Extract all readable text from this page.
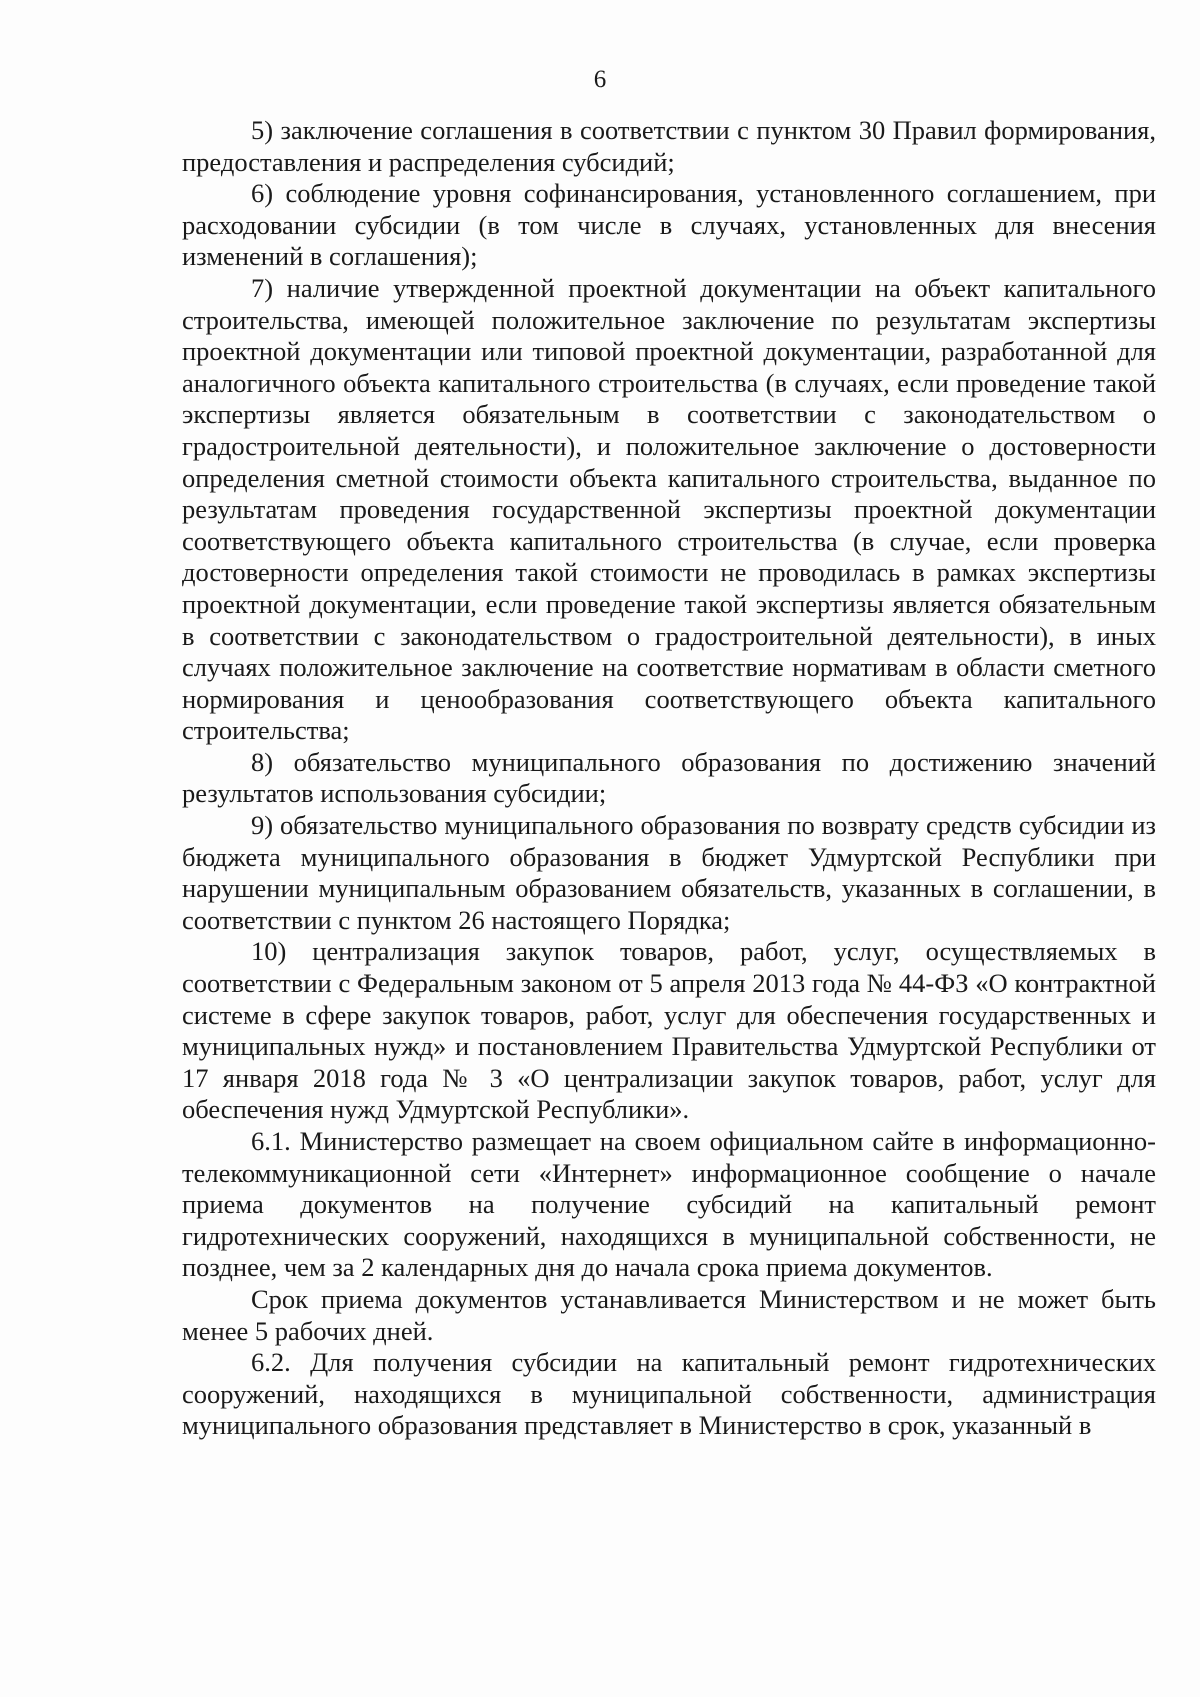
6

5) заключение соглашения в соответствии с пунктом 30 Правил формирования, предоставления и распределения субсидий;

6) соблюдение уровня софинансирования, установленного соглашением, при расходовании субсидии (в том числе в случаях, установленных для внесения изменений в соглашения);

7) наличие утвержденной проектной документации на объект капитального строительства, имеющей положительное заключение по результатам экспертизы проектной документации или типовой проектной документации, разработанной для аналогичного объекта капитального строительства (в случаях, если проведение такой экспертизы является обязательным в соответствии с законодательством о градостроительной деятельности), и положительное заключение о достоверности определения сметной стоимости объекта капитального строительства, выданное по результатам проведения государственной экспертизы проектной документации соответствующего объекта капитального строительства (в случае, если проверка достоверности определения такой стоимости не проводилась в рамках экспертизы проектной документации, если проведение такой экспертизы является обязательным в соответствии с законодательством о градостроительной деятельности), в иных случаях положительное заключение на соответствие нормативам в области сметного нормирования и ценообразования соответствующего объекта капитального строительства;

8) обязательство муниципального образования по достижению значений результатов использования субсидии;

9) обязательство муниципального образования по возврату средств субсидии из бюджета муниципального образования в бюджет Удмуртской Республики при нарушении муниципальным образованием обязательств, указанных в соглашении, в соответствии с пунктом 26 настоящего Порядка;

10) централизация закупок товаров, работ, услуг, осуществляемых в соответствии с Федеральным законом от 5 апреля 2013 года № 44-ФЗ «О контрактной системе в сфере закупок товаров, работ, услуг для обеспечения государственных и муниципальных нужд» и постановлением Правительства Удмуртской Республики от 17 января 2018 года № 3 «О централизации закупок товаров, работ, услуг для обеспечения нужд Удмуртской Республики».

6.1. Министерство размещает на своем официальном сайте в информационно-телекоммуникационной сети «Интернет» информационное сообщение о начале приема документов на получение субсидий на капитальный ремонт гидротехнических сооружений, находящихся в муниципальной собственности, не позднее, чем за 2 календарных дня до начала срока приема документов.

Срок приема документов устанавливается Министерством и не может быть менее 5 рабочих дней.

6.2. Для получения субсидии на капитальный ремонт гидротехнических сооружений, находящихся в муниципальной собственности, администрация муниципального образования представляет в Министерство в срок, указанный в
